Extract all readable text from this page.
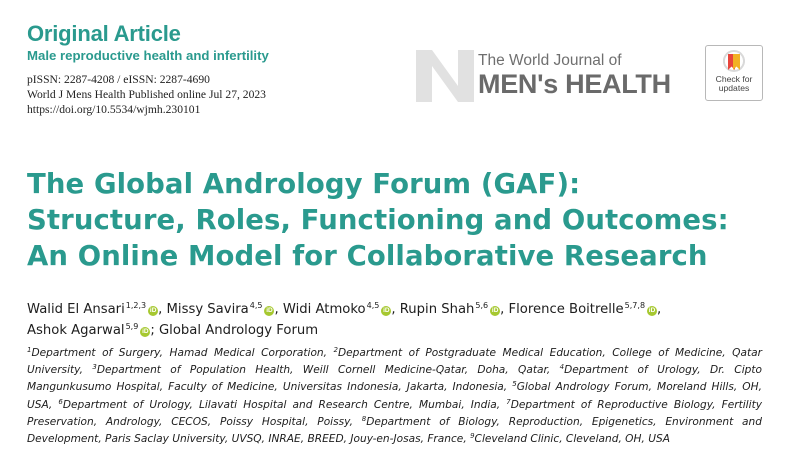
Original Article
Male reproductive health and infertility
pISSN: 2287-4208 / eISSN: 2287-4690
World J Mens Health Published online Jul 27, 2023
https://doi.org/10.5534/wjmh.230101
The World Journal of
MEN's HEALTH	Check for
updates
The Global Andrology Forum (GAF): Structure, Roles, Functioning and Outcomes: An Online Model for Collaborative Research
Walid El Ansari$^{1,2,3}$iD , Missy Savira$^{4,5}$iD , Widi Atmoko$^{4,5}$iD , Rupin Shah$^{5,6}$iD , Florence Boitrelle$^{5,7,8}$iD ,
Ashok Agarwal$^{5,9}$iD ; Global Andrology Forum
$^1$Department of Surgery, Hamad Medical Corporation, $^2$Department of Postgraduate Medical Education, College of Medicine, Qatar University, $^3$Department of Population Health, Weill Cornell Medicine-Qatar, Doha, Qatar, $^4$Department of Urology, Dr. Cipto Mangunkusumo Hospital, Faculty of Medicine, Universitas Indonesia, Jakarta, Indonesia, $^5$Global Andrology Forum, Moreland Hills, OH, USA, $^6$Department of Urology, Lilavati Hospital and Research Centre, Mumbai, India, $^7$Department of Reproductive Biology, Fertility Preservation, Andrology, CECOS, Poissy Hospital, Poissy, $^8$Department of Biology, Reproduction, Epigenetics, Environment and Development, Paris Saclay University, UVSQ, INRAE, BREED, Jouy-en-Josas, France, $^9$Cleveland Clinic, Cleveland, OH, USA
